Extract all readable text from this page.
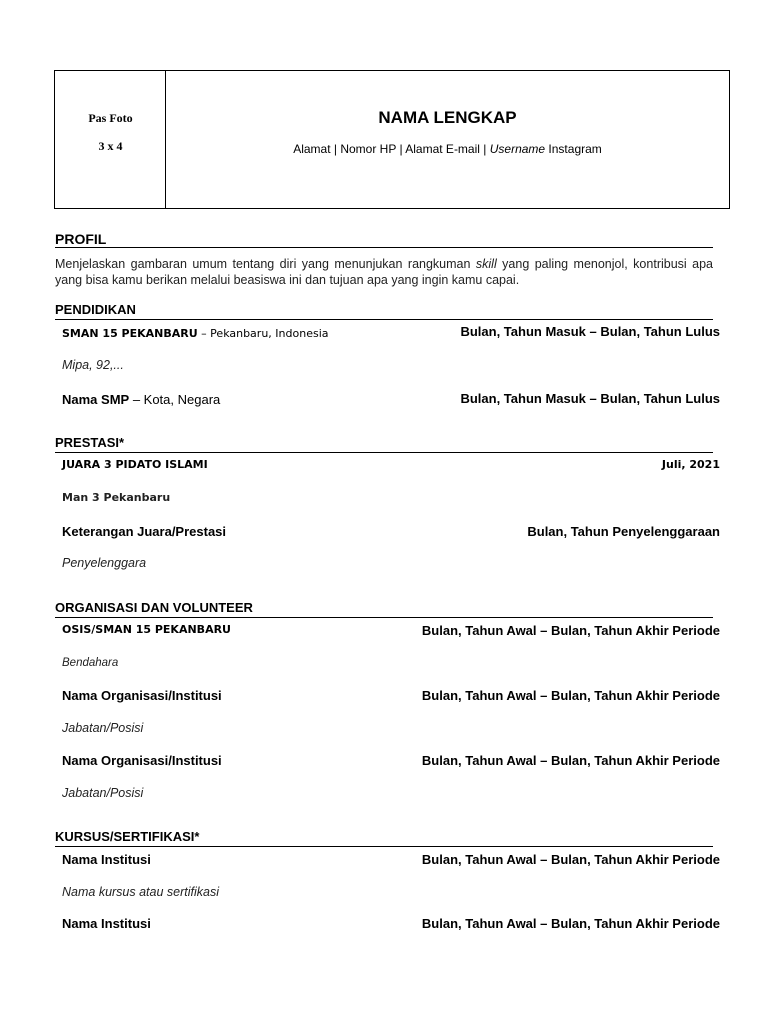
Pas Foto
3 x 4
NAMA LENGKAP
Alamat | Nomor HP | Alamat E-mail | Username Instagram
PROFIL
Menjelaskan gambaran umum tentang diri yang menunjukan rangkuman skill yang paling menonjol, kontribusi apa yang bisa kamu berikan melalui beasiswa ini dan tujuan apa yang ingin kamu capai.
PENDIDIKAN
SMAN 15 PEKANBARU – Pekanbaru, Indonesia	Bulan, Tahun Masuk – Bulan, Tahun Lulus
Mipa, 92,...
Nama SMP – Kota, Negara	Bulan, Tahun Masuk – Bulan, Tahun Lulus
PRESTASI*
JUARA 3 PIDATO ISLAMI	Juli, 2021
Man 3 Pekanbaru
Keterangan Juara/Prestasi	Bulan, Tahun Penyelenggaraan
Penyelenggara
ORGANISASI DAN VOLUNTEER
OSIS/SMAN 15 PEKANBARU	Bulan, Tahun Awal – Bulan, Tahun Akhir Periode
Bendahara
Nama Organisasi/Institusi	Bulan, Tahun Awal – Bulan, Tahun Akhir Periode
Jabatan/Posisi
Nama Organisasi/Institusi	Bulan, Tahun Awal – Bulan, Tahun Akhir Periode
Jabatan/Posisi
KURSUS/SERTIFIKASI*
Nama Institusi	Bulan, Tahun Awal – Bulan, Tahun Akhir Periode
Nama kursus atau sertifikasi
Nama Institusi	Bulan, Tahun Awal – Bulan, Tahun Akhir Periode
